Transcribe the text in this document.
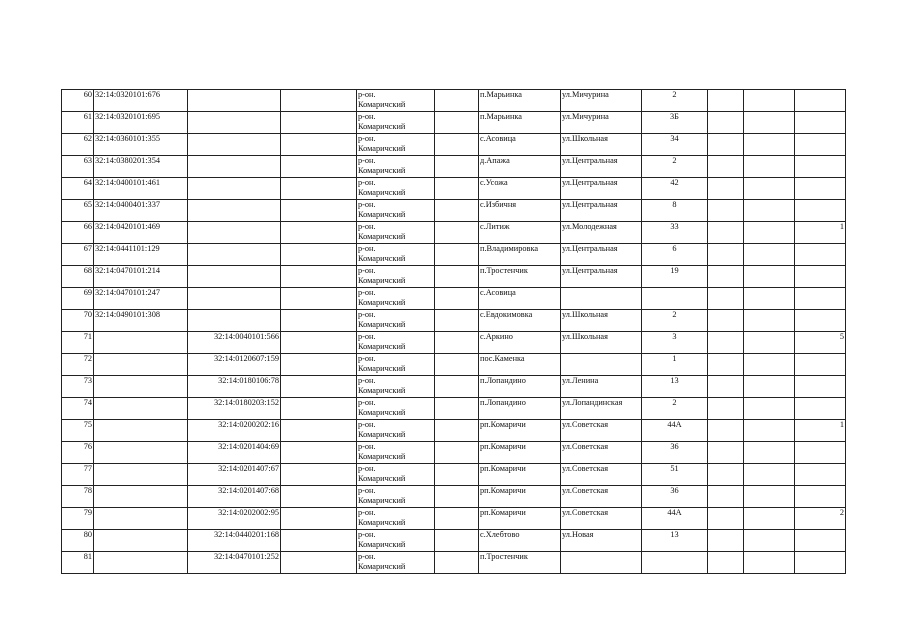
60	32:14:0320101:676			р-он.
Комаричский		п.Марьинка	ул.Мичурина	2			
61	32:14:0320101:695			р-он.
Комаричский		п.Марьинка	ул.Мичурина	3Б			
62	32:14:0360101:355			р-он.
Комаричский		с.Асовица	ул.Школьная	34			
63	32:14:0380201:354			р-он.
Комаричский		д.Апажа	ул.Центральная	2			
64	32:14:0400101:461			р-он.
Комаричский		с.Усожа	ул.Центральная	42			
65	32:14:0400401:337			р-он.
Комаричский		с.Избичня	ул.Центральная	8			
66	32:14:0420101:469			р-он.
Комаричский		с.Литиж	ул.Молодежная	33			1
67	32:14:0441101:129			р-он.
Комаричский		п.Владимировка	ул.Центральная	6			
68	32:14:0470101:214			р-он.
Комаричский		п.Тростенчик	ул.Центральная	19			
69	32:14:0470101:247			р-он.
Комаричский		с.Асовица					
70	32:14:0490101:308			р-он.
Комаричский		с.Евдокимовка	ул.Школьная	2			
71		32:14:0040101:566		р-он.
Комаричский		с.Аркино	ул.Школьная	3			5
72		32:14:0120607:159		р-он.
Комаричский		пос.Каменка		1			
73		32:14:0180106:78		р-он.
Комаричский		п.Лопандино	ул.Ленина	13			
74		32:14:0180203:152		р-он.
Комаричский		п.Лопандино	ул.Лопандинская	2			
75		32:14:0200202:16		р-он.
Комаричский		рп.Комаричи	ул.Советская	44А			1
76		32:14:0201404:69		р-он.
Комаричский		рп.Комаричи	ул.Советская	36			
77		32:14:0201407:67		р-он.
Комаричский		рп.Комаричи	ул.Советская	51			
78		32:14:0201407:68		р-он.
Комаричский		рп.Комаричи	ул.Советская	36			
79		32:14:0202002:95		р-он.
Комаричский		рп.Комаричи	ул.Советская	44А			2
80		32:14:0440201:168		р-он.
Комаричский		с.Хлебтово	ул.Новая	13			
81		32:14:0470101:252		р-он.
Комаричский		п.Тростенчик					
